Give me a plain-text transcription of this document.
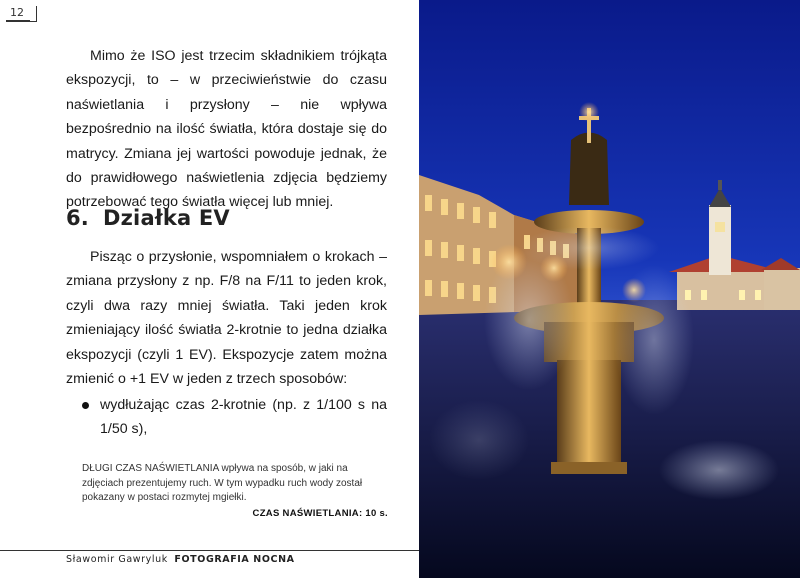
12

Mimo że ISO jest trzecim składnikiem trójkąta ekspozycji, to – w przeciwieństwie do czasu naświetlania i przysłony – nie wpływa bezpośrednio na ilość światła, która dostaje się do matrycy. Zmiana jej wartości powoduje jednak, że do prawidłowego naświetlenia zdjęcia będziemy potrzebować tego światła więcej lub mniej.

6. Działka EV

Pisząc o przysłonie, wspomniałem o krokach – zmiana przysłony z np. F/8 na F/11 to jeden krok, czyli dwa razy mniej światła. Taki jeden krok zmieniający ilość światła 2-krotnie to jedna działka ekspozycji (czyli 1 EV). Ekspozycje zatem można zmienić o +1 EV w jeden z trzech sposobów:

wydłużając czas 2-krotnie (np. z 1/100 s na 1/50 s),
DŁUGI CZAS NAŚWIETLANIA wpływa na sposób, w jaki na zdjęciach prezentujemy ruch. W tym wypadku ruch wody został pokazany w postaci rozmytej mgiełki.
CZAS NAŚWIETLANIA: 10 s.
Sławomir Gawryluk FOTOGRAFIA NOCNA
